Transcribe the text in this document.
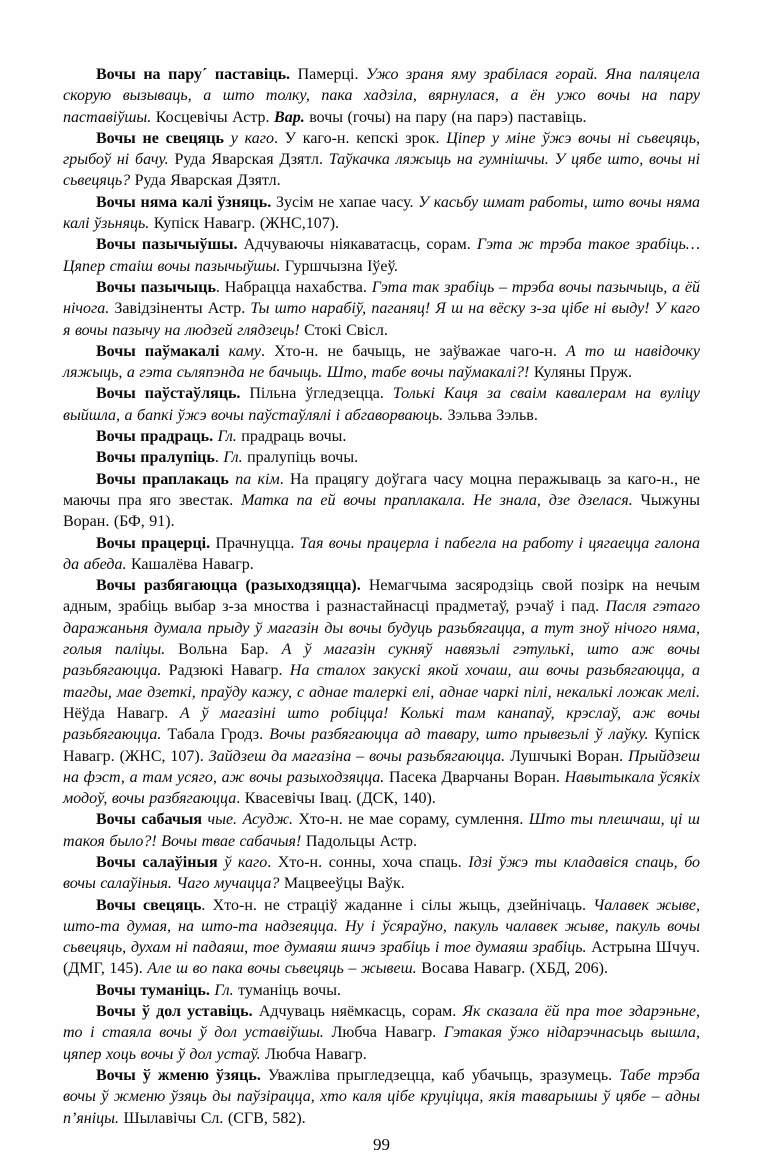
Вочы на пару´ паставіць. Памерці. Ужо зраня яму зрабілася горай. Яна паляцела скорую вызываць, а што толку, пака хадзіла, вярнулася, а ён ужо вочы на пару паставіўшы. Косцевічы Астр. Вар. вочы (гочы) на пару (на парэ) паставіць.

Вочы не свецяць у каго. У каго-н. кепскі зрок. Ціпер у міне ўжэ вочы ні сьвецяць, грыбоў ні бачу. Руда Яварская Дзятл. Таўкачка ляжыць на гумнішчы. У цябе што, вочы ні сьвецяць? Руда Яварская Дзятл.

Вочы няма калі ўзняць. Зусім не хапае часу. У касьбу шмат работы, што вочы няма калі ўзьняць. Купіск Навагр. (ЖНС,107).

Вочы пазычыўшы. Адчуваючы ніякаватасць, сорам. Гэта ж трэба такое зрабіць… Цяпер стаіш вочы пазычыўшы. Гуршчызна Іўеў.

Вочы пазычыць. Набрацца нахабства. Гэта так зрабіць – трэба вочы пазычыць, а ёй нічога. Завідзіненты Астр. Ты што нарабіў, паганяц! Я ш на вёску з-за цібе ні выду! У каго я вочы пазычу на людзей глядзець! Стокі Свісл.

Вочы паўмакалі каму. Хто-н. не бачыць, не заўважае чаго-н. А то ш навідочку ляжыць, а гэта сьляпэнда не бачыць. Што, табе вочы паўмакалі?! Куляны Пруж.

Вочы паўстаўляць. Пільна ўгледзецца. Толькі Каця за сваім кавалерам на вуліцу выйшла, а бапкі ўжэ вочы паўстаўлялі і абгаворваюць. Зэльва Зэльв.

Вочы прадраць. Гл. прадраць вочы.

Вочы пралупіць. Гл. пралупіць вочы.

Вочы праплакаць па кім. На працягу доўгага часу моцна перажываць за каго-н., не маючы пра яго звестак. Матка па ей вочы праплакала. Не знала, дзе дзелася. Чыжуны Воран. (БФ, 91).

Вочы працерці. Прачнуцца. Тая вочы працерла і пабегла на работу і цягаецца галона да абеда. Кашалёва Навагр.

Вочы разбягаюцца (разыходзяцца). Немагчыма засяродзіць свой позірк на нечым адным, зрабіць выбар з-за мноства і разнастайнасці прадметаў, рэчаў і пад. Пасля гэтаго даражаньня думала прыду ў магазін ды вочы будуць разьбягацца, а тут зноў нічого няма, голыя паліцы. Вольна Бар. А ў магазін сукняў навязьлі гэтулькі, што аж вочы разьбягаюцца. Радзюкі Навагр. На сталох закускі якой хочаш, аш вочы разьбягаюцца, а тагды, мае дзеткі, праўду кажу, с аднае талеркі елі, аднае чаркі пілі, некалькі ложак мелі. Нёўда Навагр. А ў магазіні што робіцца! Колькі там канапаў, крэслаў, аж вочы разьбягаюцца. Табала Гродз. Вочы разбягаюцца ад тавару, што прывезьлі ў лаўку. Купіск Навагр. (ЖНС, 107). Зайдзеш да магазіна – вочы разьбягаюцца. Лушчыкі Воран. Прыйдзеш на фэст, а там усяго, аж вочы разыходзяцца. Пасека Дварчаны Воран. Навытыкала ўсякіх модоў, вочы разбягаюцца. Квасевічы Івац. (ДСК, 140).

Вочы сабачыя чые. Асудж. Хто-н. не мае сораму, сумлення. Што ты плешчаш, ці ш такоя было?! Вочы твае сабачыя! Падольцы Астр.

Вочы салаўіныя ў каго. Хто-н. сонны, хоча спаць. Ідзі ўжэ ты кладавіся спаць, бо вочы салаўіныя. Чаго мучацца? Мацвееўцы Ваўк.

Вочы свецяць. Хто-н. не страціў жаданне і сілы жыць, дзейнічаць. Чалавек жыве, што-та думая, на што-та надзеяцца. Ну і ўсяраўно, пакуль чалавек жыве, пакуль вочы сьвецяць, духам ні падаяш, тое думаяш яшчэ зрабіць і тое думаяш зрабіць. Астрына Шчуч. (ДМГ, 145). Але ш во пака вочы сьвецяць – жывеш. Восава Навагр. (ХБД, 206).

Вочы туманіць. Гл. туманіць вочы.

Вочы ў дол уставіць. Адчуваць няёмкасць, сорам. Як сказала ёй пра тое здарэньне, то і стаяла вочы ў дол уставіўшы. Любча Навагр. Гэтакая ўжо нідарэчнасьць вышла, цяпер хоць вочы ў дол устаў. Любча Навагр.

Вочы ў жменю ўзяць. Уважліва прыгледзецца, каб убачыць, зразумець. Табе трэба вочы ў жменю ўзяць ды паўзірацца, хто каля цібе круціцца, якія таварышы ў цябе – адны п’яніцы. Шылавічы Сл. (СГВ, 582).

99
